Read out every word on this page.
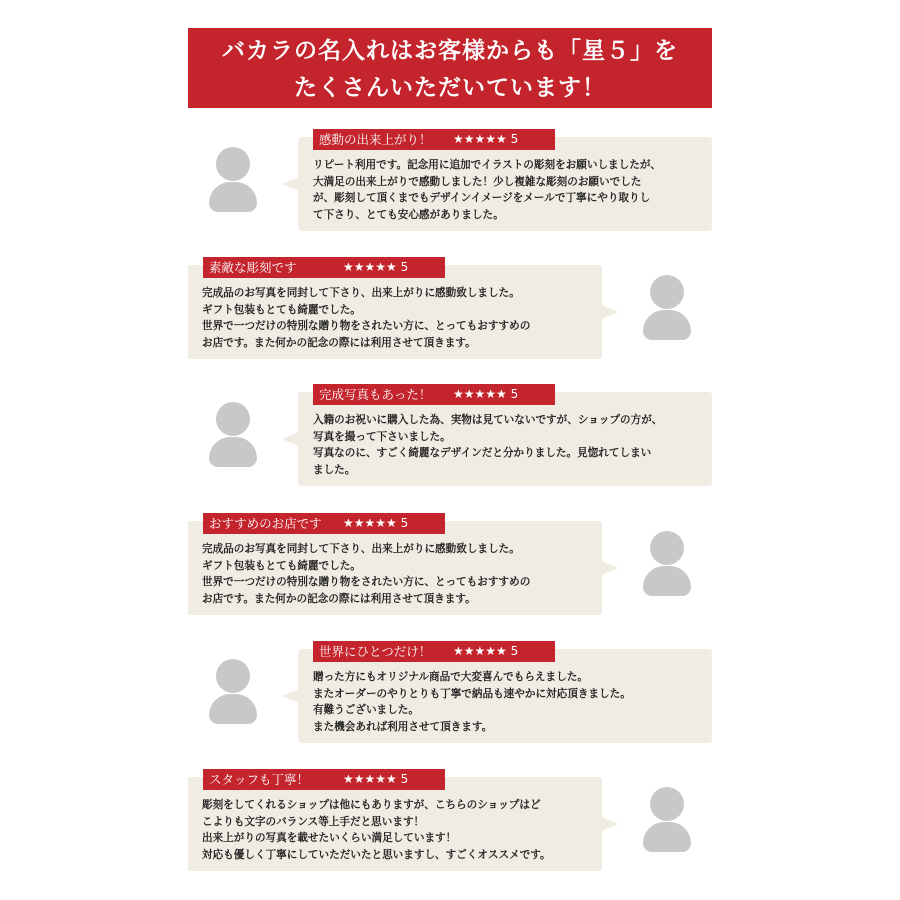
バカラの名入れはお客様からも「星５」を
たくさんいただいています！
リピート利用です。記念用に追加でイラストの彫刻をお願いしましたが、
大満足の出来上がりで感動しました！少し複雑な彫刻のお願いでした
が、彫刻して頂くまでもデザインイメージをメールで丁寧にやり取りし
て下さり、とても安心感がありました。
感動の出来上がり！ ★★★★★ 5
完成品のお写真を同封して下さり、出来上がりに感動致しました。
ギフト包装もとても綺麗でした。
世界で一つだけの特別な贈り物をされたい方に、とってもおすすめの
お店です。また何かの記念の際には利用させて頂きます。
素敵な彫刻です	★★★★★ 5
入籍のお祝いに購入した為、実物は見ていないですが、ショップの方が、
写真を撮って下さいました。
写真なのに、すごく綺麗なデザインだと分かりました。見惚れてしまい
ました。
完成写真もあった！ ★★★★★ 5
完成品のお写真を同封して下さり、出来上がりに感動致しました。
ギフト包装もとても綺麗でした。
世界で一つだけの特別な贈り物をされたい方に、とってもおすすめの
お店です。また何かの記念の際には利用させて頂きます。
おすすめのお店です ★★★★★ 5
贈った方にもオリジナル商品で大変喜んでもらえました。
またオーダーのやりとりも丁寧で納品も速やかに対応頂きました。
有難うございました。
また機会あれば利用させて頂きます。
世界にひとつだけ！ ★★★★★ 5
彫刻をしてくれるショップは他にもありますが、こちらのショップはど
こよりも文字のバランス等上手だと思います！
出来上がりの写真を載せたいくらい満足しています！
対応も優しく丁寧にしていただいたと思いますし、すごくオススメです。
スタッフも丁寧！	★★★★★ 5
